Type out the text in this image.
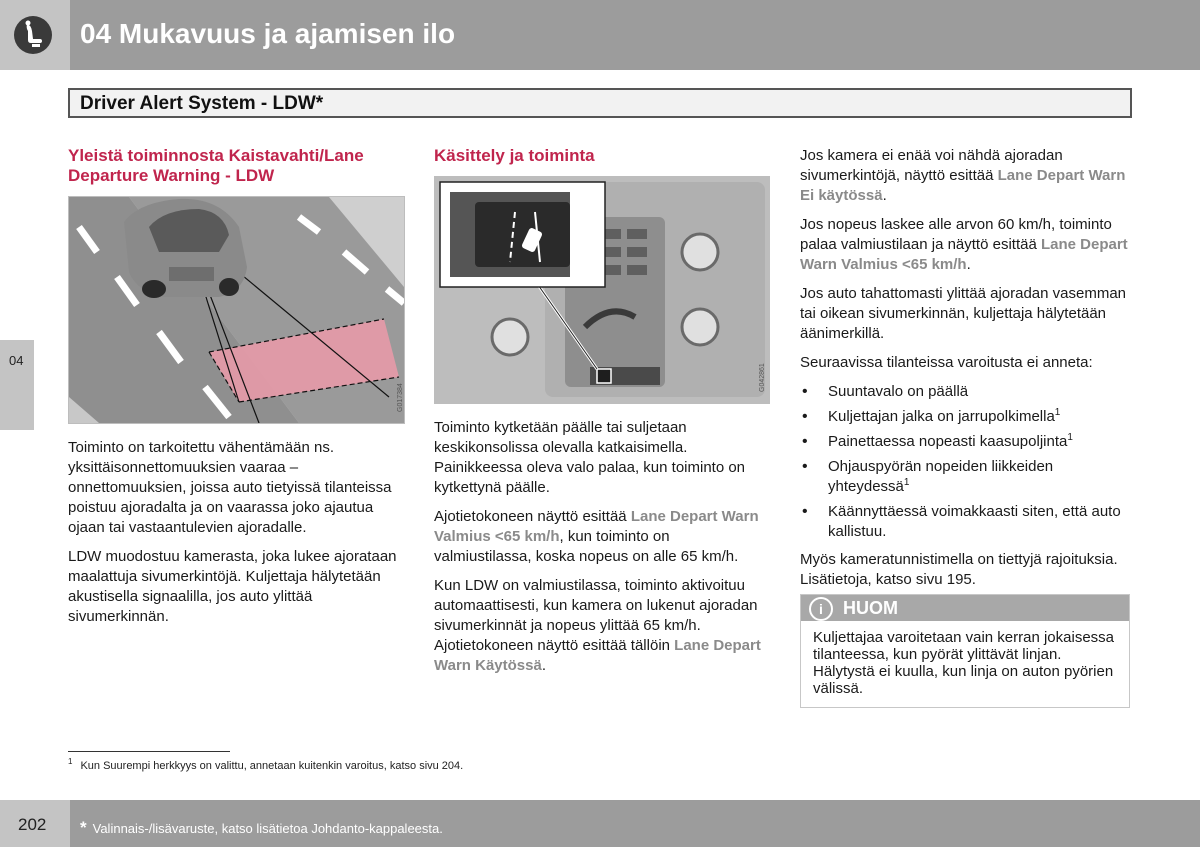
04 Mukavuus ja ajamisen ilo
04
Driver Alert System - LDW*
Yleistä toiminnosta Kaistavahti/Lane Departure Warning - LDW
G017384

Toiminto on tarkoitettu vähentämään ns. yksittäisonnettomuuksien vaaraa – onnettomuuksien, joissa auto tietyissä tilanteissa poistuu ajoradalta ja on vaarassa joko ajautua ojaan tai vastaantulevien ajoradalle.

LDW muodostuu kamerasta, joka lukee ajorataan maalattuja sivumerkintöjä. Kuljettaja hälytetään akustisella signaalilla, jos auto ylittää sivumerkinnän.

Käsittely ja toiminta
G042861

Toiminto kytketään päälle tai suljetaan keskikonsolissa olevalla katkaisimella. Painikkeessa oleva valo palaa, kun toiminto on kytkettynä päälle.

Ajotietokoneen näyttö esittää Lane Depart Warn Valmius <65 km/h, kun toiminto on valmiustilassa, koska nopeus on alle 65 km/h.

Kun LDW on valmiustilassa, toiminto aktivoituu automaattisesti, kun kamera on lukenut ajoradan sivumerkinnät ja nopeus ylittää 65 km/h. Ajotietokoneen näyttö esittää tällöin Lane Depart Warn Käytössä.

Jos kamera ei enää voi nähdä ajoradan sivumerkintöjä, näyttö esittää Lane Depart Warn Ei käytössä.

Jos nopeus laskee alle arvon 60 km/h, toiminto palaa valmiustilaan ja näyttö esittää Lane Depart Warn Valmius <65 km/h.

Jos auto tahattomasti ylittää ajoradan vasemman tai oikean sivumerkinnän, kuljettaja hälytetään äänimerkillä.

Seuraavissa tilanteissa varoitusta ei anneta:

• Suuntavalo on päällä
• Kuljettajan jalka on jarrupolkimella$^1$
• Painettaessa nopeasti kaasupoljinta$^1$
• Ohjauspyörän nopeiden liikkeiden yhteydessä$^1$
• Käännyttäessä voimakkaasti siten, että auto kallistuu.

Myös kameratunnistimella on tiettyjä rajoituksia. Lisätietoja, katso sivu 195.

i	HUOM
Kuljettajaa varoitetaan vain kerran jokaisessa tilanteessa, kun pyörät ylittävät linjan. Hälytystä ei kuulla, kun linja on auton pyörien välissä.
$^1$ Kun Suurempi herkkyys on valittu, annetaan kuitenkin varoitus, katso sivu 204.
202 * Valinnais-/lisävaruste, katso lisätietoa Johdanto-kappaleesta.
